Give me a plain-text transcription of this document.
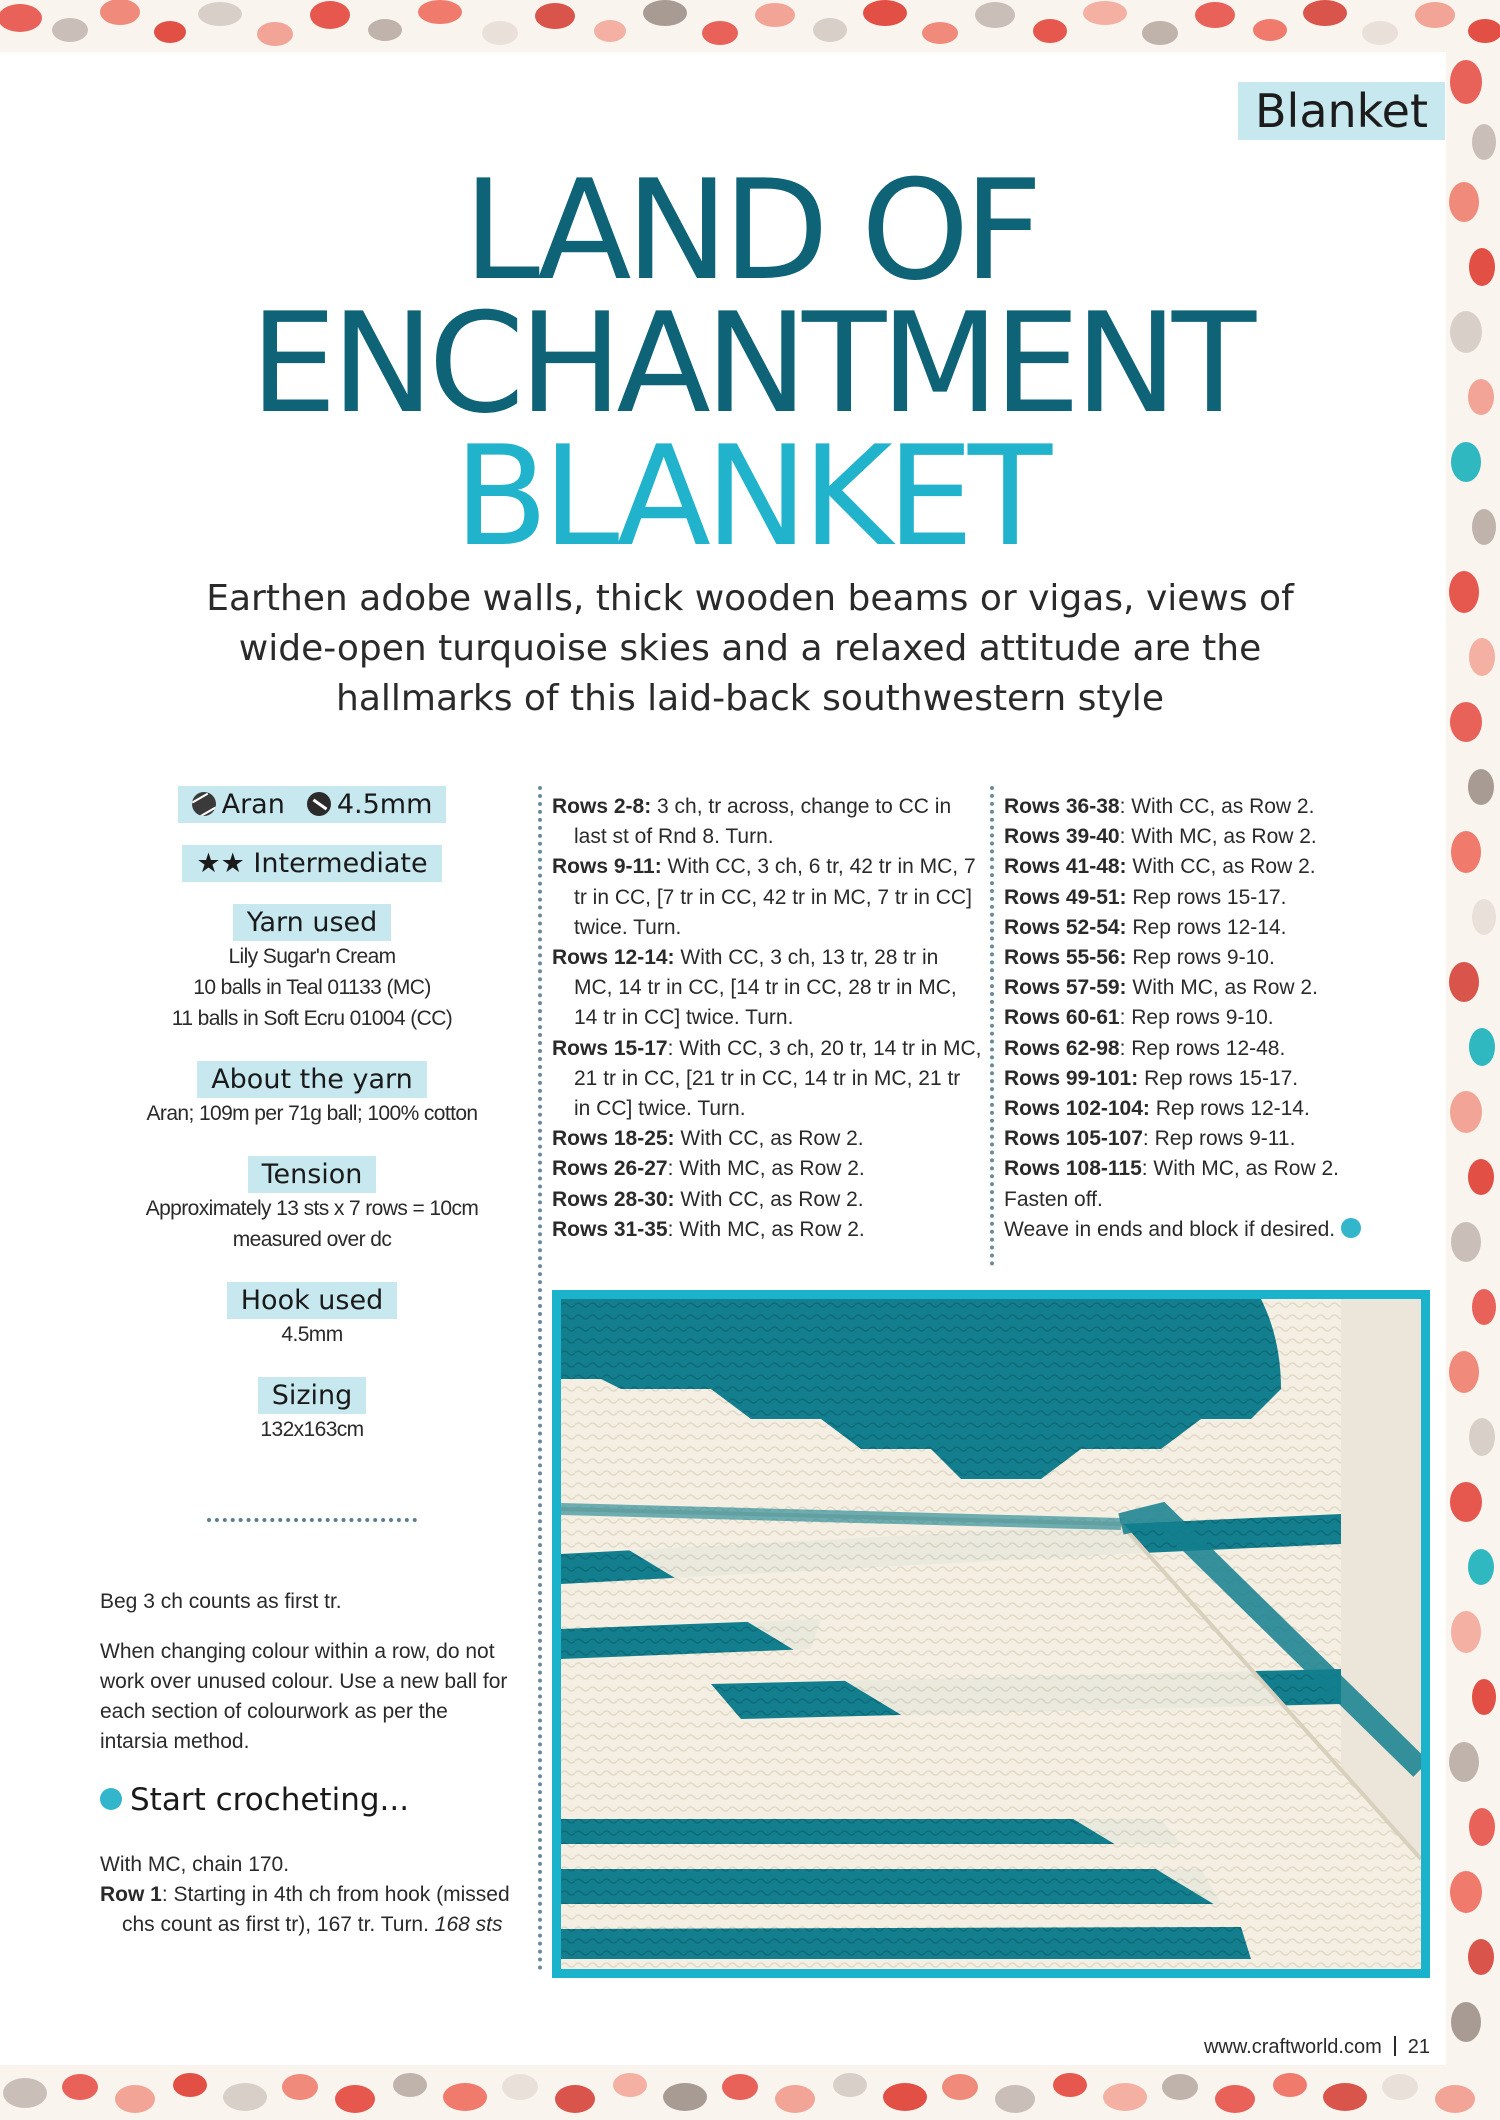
Blanket
LAND OF
ENCHANTMENT
BLANKET
Earthen adobe walls, thick wooden beams or vigas, views of wide-open turquoise skies and a relaxed attitude are the hallmarks of this laid-back southwestern style
Aran 4.5mm
★★ Intermediate
Yarn used
Lily Sugar'n Cream
10 balls in Teal 01133 (MC)
11 balls in Soft Ecru 01004 (CC)
About the yarn
Aran; 109m per 71g ball; 100% cotton
Tension
Approximately 13 sts x 7 rows = 10cm
measured over dc
Hook used
4.5mm
Sizing
132x163cm

Beg 3 ch counts as first tr.

When changing colour within a row, do not work over unused colour. Use a new ball for each section of colourwork as per the intarsia method.

Start crocheting...

With MC, chain 170.

Row 1: Starting in 4th ch from hook (missed chs count as first tr), 167 tr. Turn. 168 sts

Rows 2-8: 3 ch, tr across, change to CC in last st of Rnd 8. Turn.

Rows 9-11: With CC, 3 ch, 6 tr, 42 tr in MC, 7 tr in CC, [7 tr in CC, 42 tr in MC, 7 tr in CC] twice. Turn.

Rows 12-14: With CC, 3 ch, 13 tr, 28 tr in MC, 14 tr in CC, [14 tr in CC, 28 tr in MC, 14 tr in CC] twice. Turn.

Rows 15-17: With CC, 3 ch, 20 tr, 14 tr in MC, 21 tr in CC, [21 tr in CC, 14 tr in MC, 21 tr in CC] twice. Turn.

Rows 18-25: With CC, as Row 2.

Rows 26-27: With MC, as Row 2.

Rows 28-30: With CC, as Row 2.

Rows 31-35: With MC, as Row 2.

Rows 36-38: With CC, as Row 2.

Rows 39-40: With MC, as Row 2.

Rows 41-48: With CC, as Row 2.

Rows 49-51: Rep rows 15-17.

Rows 52-54: Rep rows 12-14.

Rows 55-56: Rep rows 9-10.

Rows 57-59: With MC, as Row 2.

Rows 60-61: Rep rows 9-10.

Rows 62-98: Rep rows 12-48.

Rows 99-101: Rep rows 15-17.

Rows 102-104: Rep rows 12-14.

Rows 105-107: Rep rows 9-11.

Rows 108-115: With MC, as Row 2.

Fasten off.

Weave in ends and block if desired.

www.craftworld.com 21
